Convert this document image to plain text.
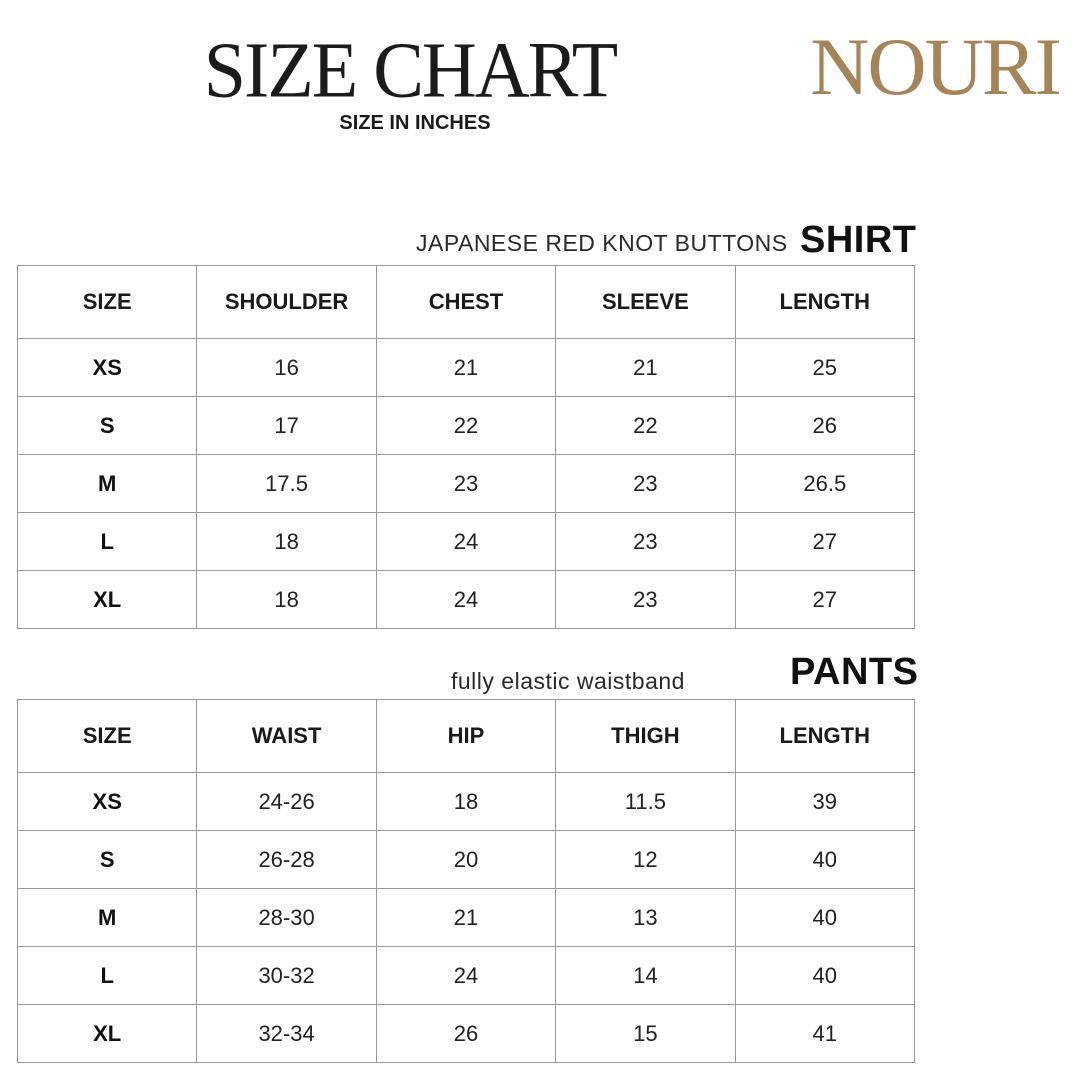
SIZE CHART
SIZE IN INCHES
NOURI
JAPANESE RED KNOT BUTTONS SHIRT
SIZE	SHOULDER	CHEST	SLEEVE	LENGTH
XS	16	21	21	25
S	17	22	22	26
M	17.5	23	23	26.5
L	18	24	23	27
XL	18	24	23	27
fully elastic waistband	PANTS
SIZE	WAIST	HIP	THIGH	LENGTH
XS	24-26	18	11.5	39
S	26-28	20	12	40
M	28-30	21	13	40
L	30-32	24	14	40
XL	32-34	26	15	41
